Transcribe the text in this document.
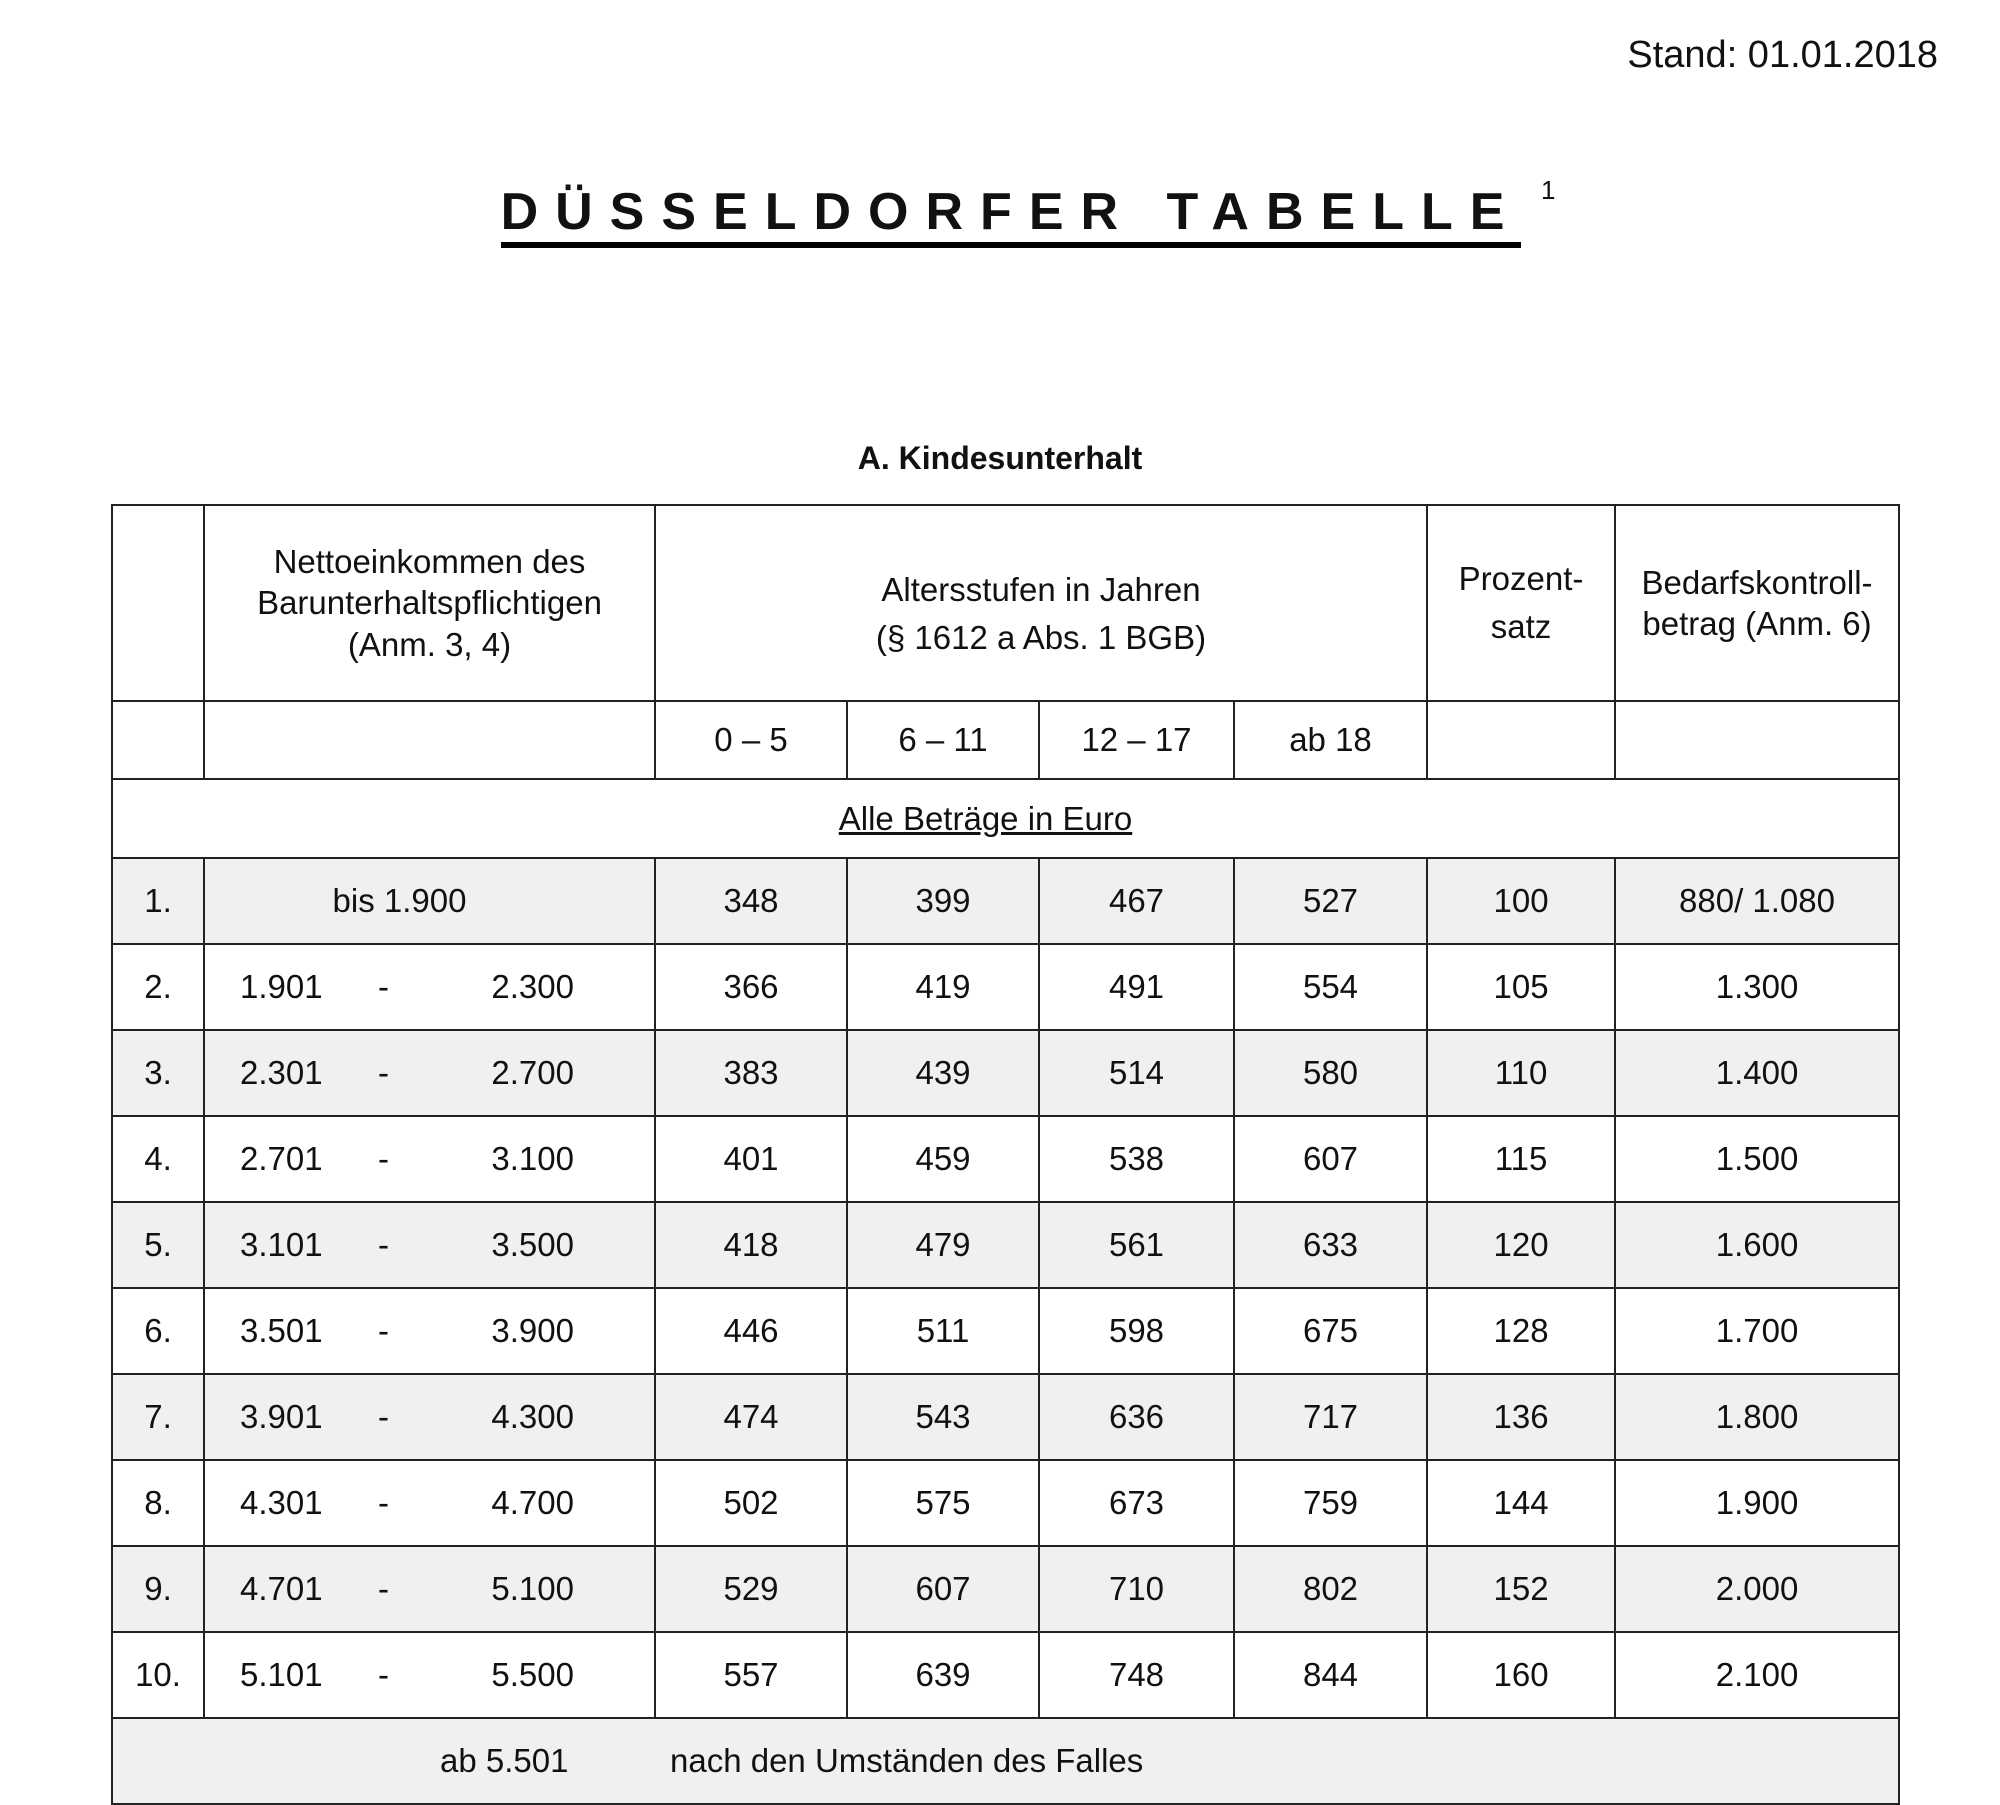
Stand: 01.01.2018
DÜSSELDORFER TABELLE 1
A. Kindesunterhalt

Nettoeinkommen des
Barunterhaltspflichtigen
(Anm. 3, 4)

Altersstufen in Jahren
(§ 1612 a Abs. 1 BGB)

Prozent-
satz

Bedarfskontroll-
betrag (Anm. 6)

		0 – 5	6 – 11	12 – 17	ab 18		
Alle Beträge in Euro							
1.	bis 1.900	348	399	467	527	100	880/ 1.080
2.	1.901 - 2.300	366	419	491	554	105	1.300
3.	2.301 - 2.700	383	439	514	580	110	1.400
4.	2.701 - 3.100	401	459	538	607	115	1.500
5.	3.101 - 3.500	418	479	561	633	120	1.600
6.	3.501 - 3.900	446	511	598	675	128	1.700
7.	3.901 - 4.300	474	543	636	717	136	1.800
8.	4.301 - 4.700	502	575	673	759	144	1.900
9.	4.701 - 5.100	529	607	710	802	152	2.000
10.	5.101 - 5.500	557	639	748	844	160	2.100

ab 5.501 nach den Umständen des Falles							
